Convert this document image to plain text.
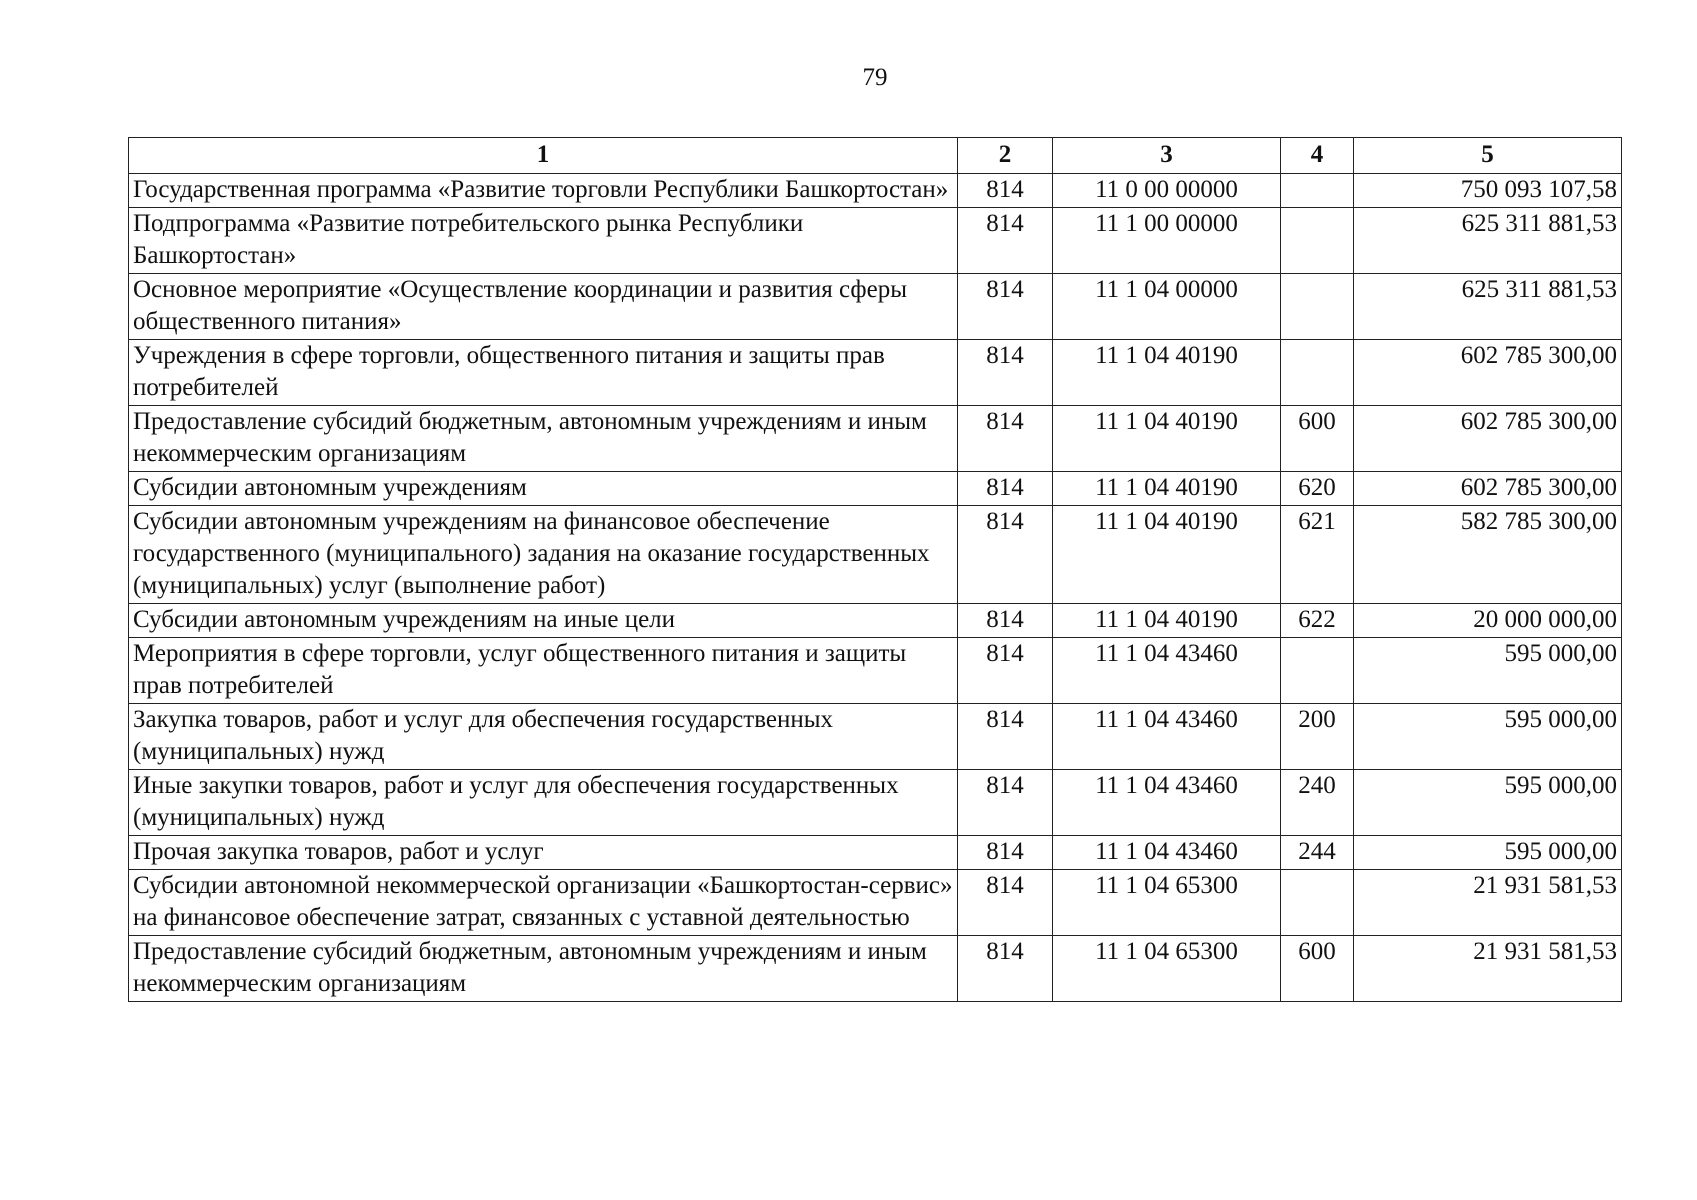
79
1	2	3	4	5
Государственная программа «Развитие торговли Республики Башкортостан»	814	11 0 00 00000		750 093 107,58
Подпрограмма «Развитие потребительского рынка Республики Башкортостан»	814	11 1 00 00000		625 311 881,53
Основное мероприятие «Осуществление координации и развития сферы общественного питания»	814	11 1 04 00000		625 311 881,53
Учреждения в сфере торговли, общественного питания и защиты прав потребителей	814	11 1 04 40190		602 785 300,00
Предоставление субсидий бюджетным, автономным учреждениям и иным некоммерческим организациям	814	11 1 04 40190	600	602 785 300,00
Субсидии автономным учреждениям	814	11 1 04 40190	620	602 785 300,00
Субсидии автономным учреждениям на финансовое обеспечение государственного (муниципального) задания на оказание государственных (муниципальных) услуг (выполнение работ)	814	11 1 04 40190	621	582 785 300,00
Субсидии автономным учреждениям на иные цели	814	11 1 04 40190	622	20 000 000,00
Мероприятия в сфере торговли, услуг общественного питания и защиты прав потребителей	814	11 1 04 43460		595 000,00
Закупка товаров, работ и услуг для обеспечения государственных (муниципальных) нужд	814	11 1 04 43460	200	595 000,00
Иные закупки товаров, работ и услуг для обеспечения государственных (муниципальных) нужд	814	11 1 04 43460	240	595 000,00
Прочая закупка товаров, работ и услуг	814	11 1 04 43460	244	595 000,00
Субсидии автономной некоммерческой организации «Башкортостан-сервис» на финансовое обеспечение затрат, связанных с уставной деятельностью	814	11 1 04 65300		21 931 581,53
Предоставление субсидий бюджетным, автономным учреждениям и иным некоммерческим организациям	814	11 1 04 65300	600	21 931 581,53
